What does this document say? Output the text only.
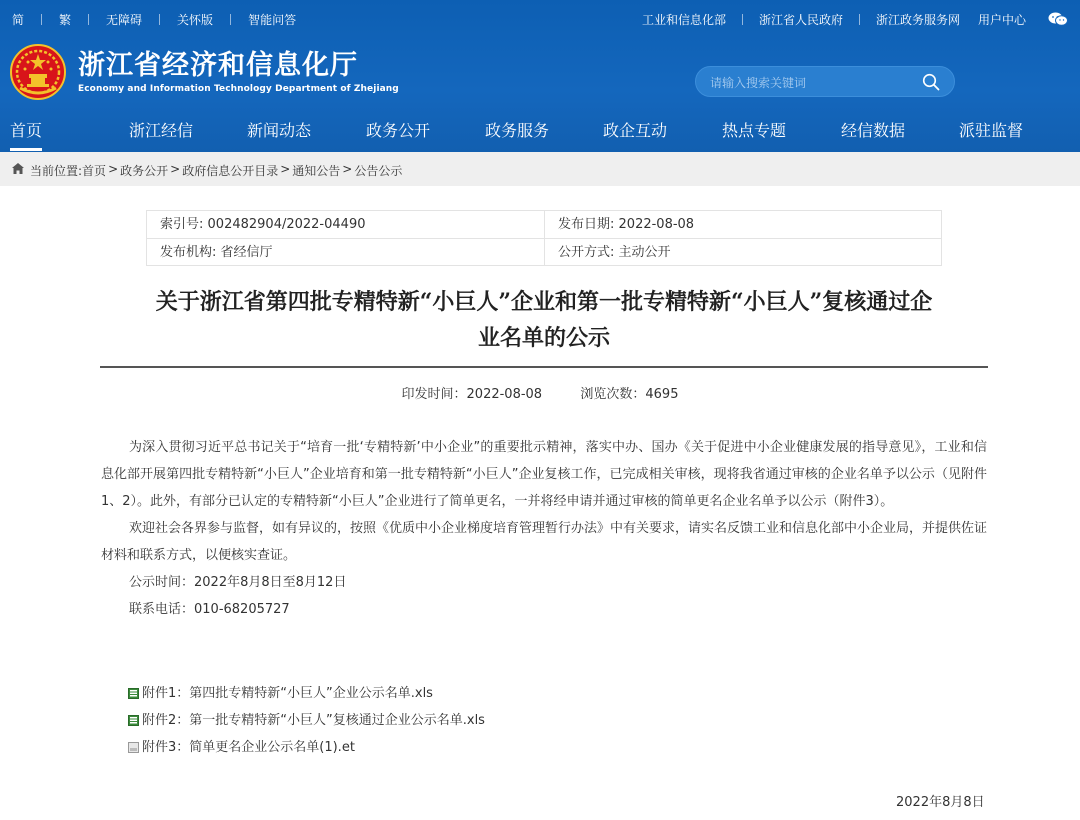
简	繁	无障碍	关怀版	智能问答	工业和信息化部	浙江省人民政府	浙江政务服务网 用户中心
浙江省经济和信息化厅
Economy and Information Technology Department of Zhejiang
请输入搜索关键词
首页	浙江经信	新闻动态	政务公开	政务服务	政企互动	热点专题	经信数据	派驻监督
当前位置: 首页 > 政务公开 > 政府信息公开目录 > 通知公告 > 公告公示
索引号: 002482904/2022-04490	发布日期: 2022-08-08
发布机构: 省经信厅	公开方式: 主动公开
关于浙江省第四批专精特新“小巨人”企业和第一批专精特新“小巨人”复核通过企
业名单的公示
印发时间：2022-08-08	浏览次数：4695

为深入贯彻习近平总书记关于“培育一批‘专精特新’中小企业”的重要批示精神，落实中办、国办《关于促进中小企业健康发展的指导意见》，工业和信息化部开展第四批专精特新“小巨人”企业培育和第一批专精特新“小巨人”企业复核工作，已完成相关审核，现将我省通过审核的企业名单予以公示（见附件1、2）。此外，有部分已认定的专精特新“小巨人”企业进行了简单更名，一并将经申请并通过审核的简单更名企业名单予以公示（附件3）。

欢迎社会各界参与监督，如有异议的，按照《优质中小企业梯度培育管理暂行办法》中有关要求，请实名反馈工业和信息化部中小企业局，并提供佐证材料和联系方式，以便核实查证。

公示时间：2022年8月8日至8月12日
联系电话：010-68205727
附件1：第四批专精特新“小巨人”企业公示名单.xls
附件2：第一批专精特新“小巨人”复核通过企业公示名单.xls
附件3：简单更名企业公示名单(1).et
2022年8月8日
